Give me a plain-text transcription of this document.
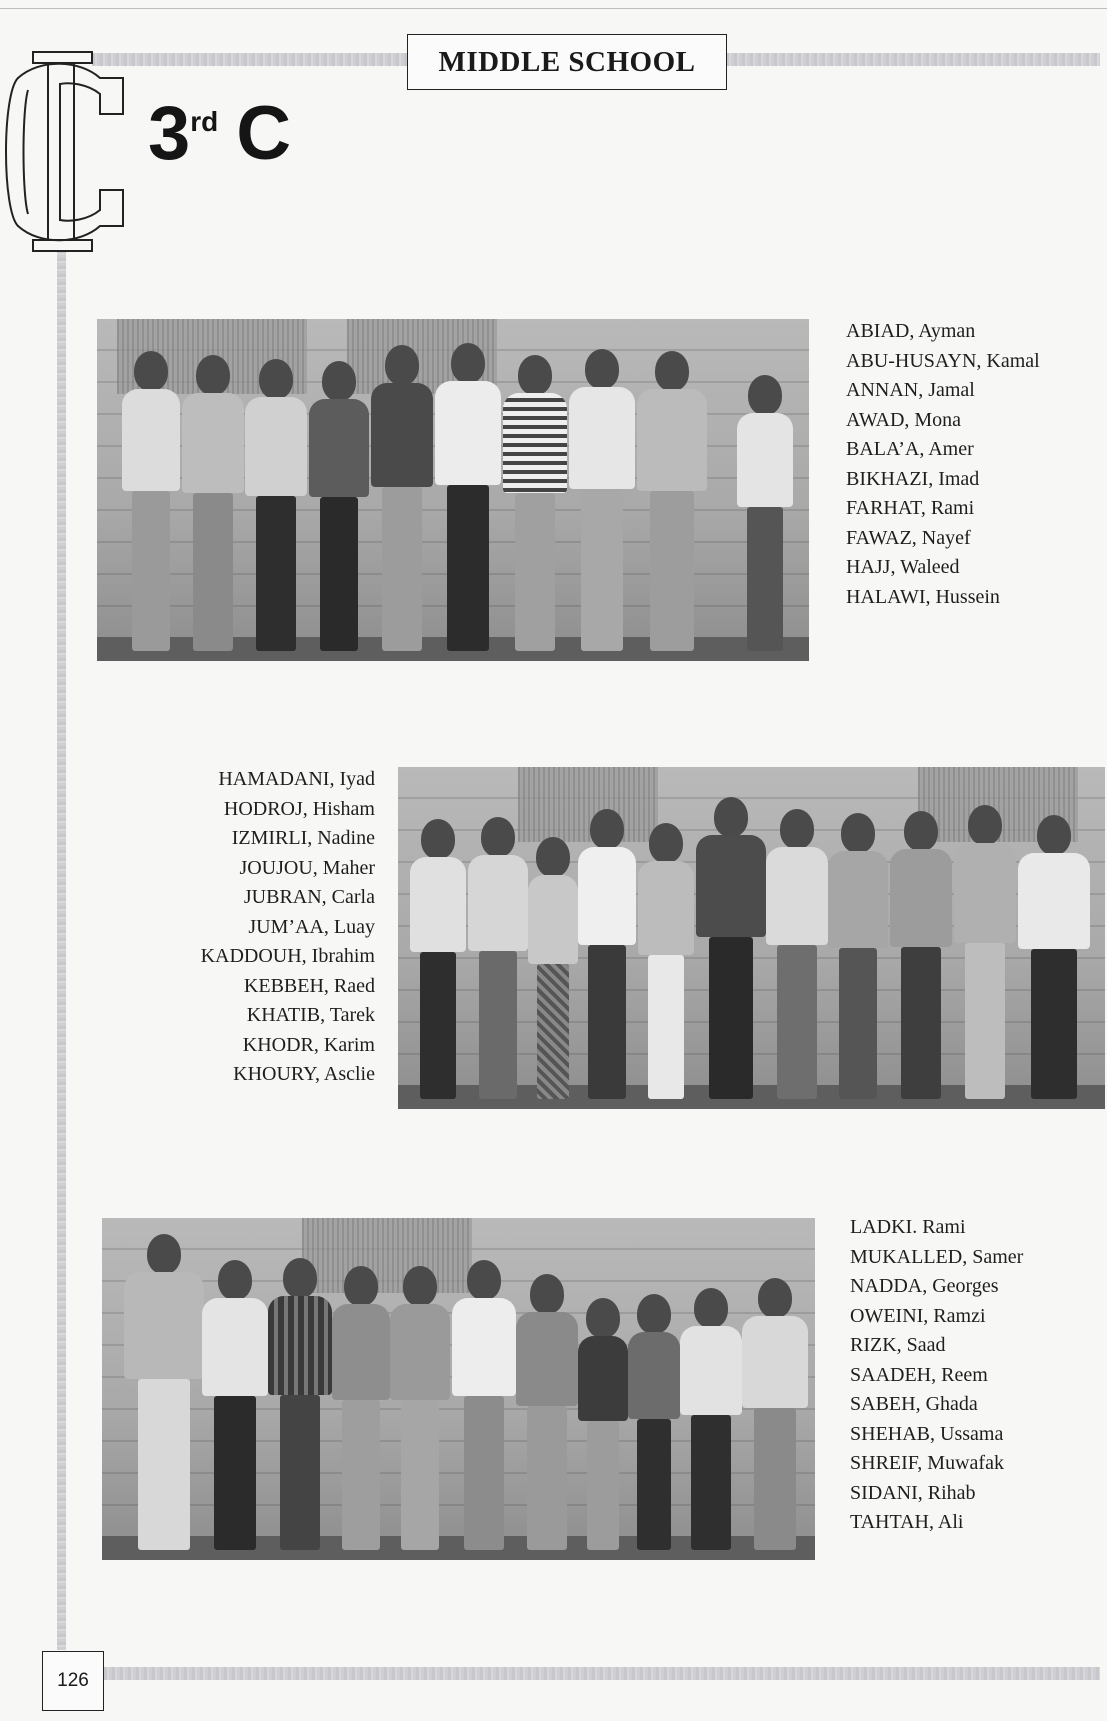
MIDDLE SCHOOL
3rd C
ABIAD, Ayman
ABU-HUSAYN, Kamal
ANNAN, Jamal
AWAD, Mona
BALA’A, Amer
BIKHAZI, Imad
FARHAT, Rami
FAWAZ, Nayef
HAJJ, Waleed
HALAWI, Hussein
HAMADANI, Iyad
HODROJ, Hisham
IZMIRLI, Nadine
JOUJOU, Maher
JUBRAN, Carla
JUM’AA, Luay
KADDOUH, Ibrahim
KEBBEH, Raed
KHATIB, Tarek
KHODR, Karim
KHOURY, Asclie
LADKI. Rami
MUKALLED, Samer
NADDA, Georges
OWEINI, Ramzi
RIZK, Saad
SAADEH, Reem
SABEH, Ghada
SHEHAB, Ussama
SHREIF, Muwafak
SIDANI, Rihab
TAHTAH, Ali
126
